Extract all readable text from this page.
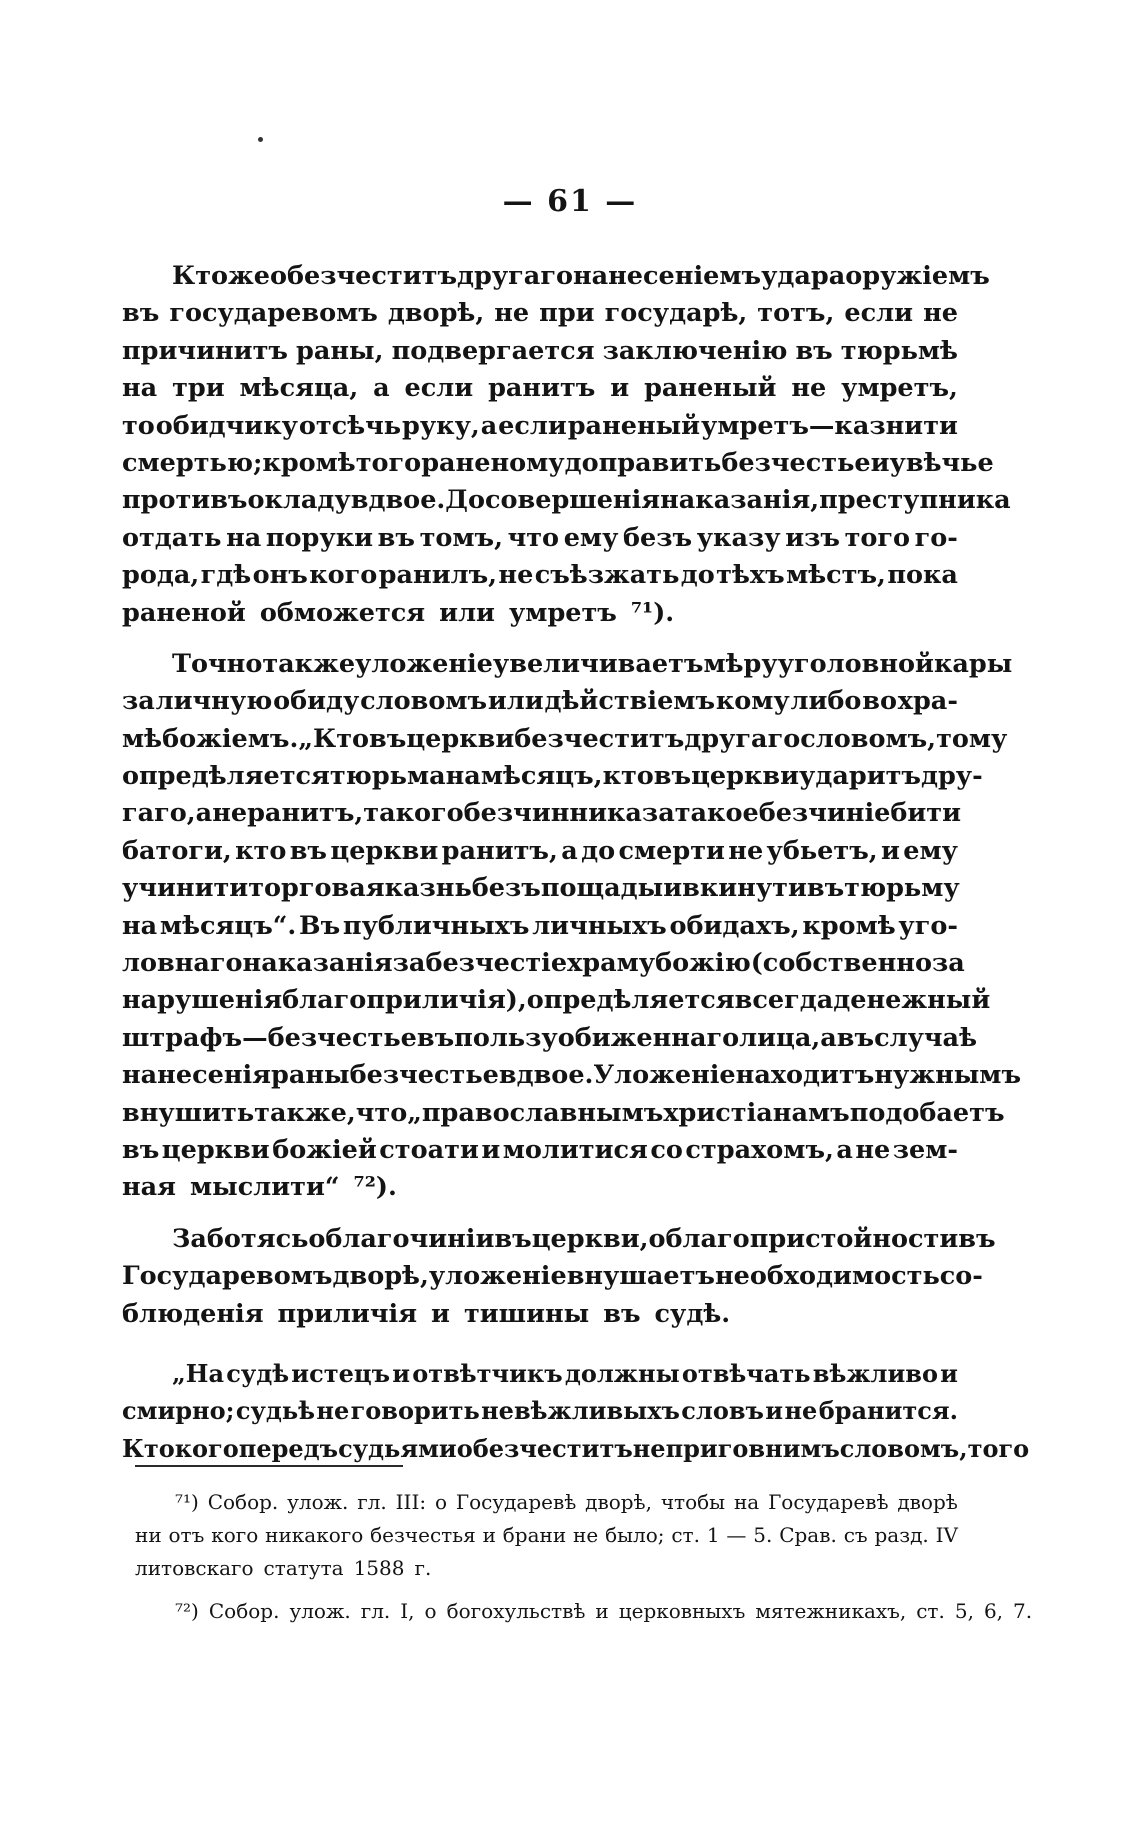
— 61 —
Кто же обезчеститъ другаго нанесенiемъ удара оружiемъ
въ государевомъ дворѣ, не при государѣ, тотъ, если не
причинитъ раны, подвергается заключенiю въ тюрьмѣ
на три мѣсяца, а если ранитъ и раненый не умретъ,
то обидчику отсѣчь руку, а если раненый умретъ—казнити
смертью; кромѣ того раненому доправить безчестье и увѣчье
противъ окладу вдвое. До совершенiя наказанiя, преступника
отдать на поруки въ томъ, что ему безъ указу изъ того го-
рода, гдѣ онъ кого ранилъ, не съѣзжать до тѣхъ мѣстъ, пока
раненой обможется или умретъ ⁷¹).
Точно также уложенiе увеличиваетъ мѣру уголовной кары
за личную обиду словомъ или дѣйствiемъ кому либо во хра-
мѣ божiемъ. „Кто въ церкви безчеститъ другаго словомъ, тому
опредѣляется тюрьма на мѣсяцъ, кто въ церкви ударитъ дру-
гаго, а не ранитъ, такого безчинника за такое безчинiе бити
батоги, кто въ церкви ранитъ, а до смерти не убьетъ, и ему
учинити торговая казнь безъ пощады и вкинути въ тюрьму
на мѣсяцъ“. Въ публичныхъ личныхъ обидахъ, кромѣ уго-
ловнаго наказанiя за безчестiе храму божiю (собственно за
нарушенiя благоприличiя), опредѣляется всегда денежный
штрафъ—безчестье въ пользу обиженнаго лица, а въ случаѣ
нанесенiя раны безчестье вдвое. Уложенiе находитъ нужнымъ
внушить также, что „православнымъ христiанамъ подобаетъ
въ церкви божiей стоати и молитися со страхомъ, а не зем-
ная мыслити“ ⁷²).
Заботясь о благочинiи въ церкви, о благопристойности въ
Государевомъ дворѣ, уложенiе внушаетъ необходимость со-
блюденiя приличiя и тишины въ судѣ.
„На судѣ истецъ и отвѣтчикъ должны отвѣчать вѣжливо и
смирно; судьѣ не говорить невѣжливыхъ словъ и не бранится.
Кто кого передъ судьями обезчеститъ неприговнимъ словомъ, того
⁷¹) Собор. улож. гл. III: о Государевѣ дворѣ, чтобы на Государевѣ дворѣ
ни отъ кого никакого безчестья и брани не было; ст. 1 — 5. Срав. съ разд. IV
литовскаго статута 1588 г.
⁷²) Собор. улож. гл. I, о богохульствѣ и церковныхъ мятежникахъ, ст. 5, 6, 7.
